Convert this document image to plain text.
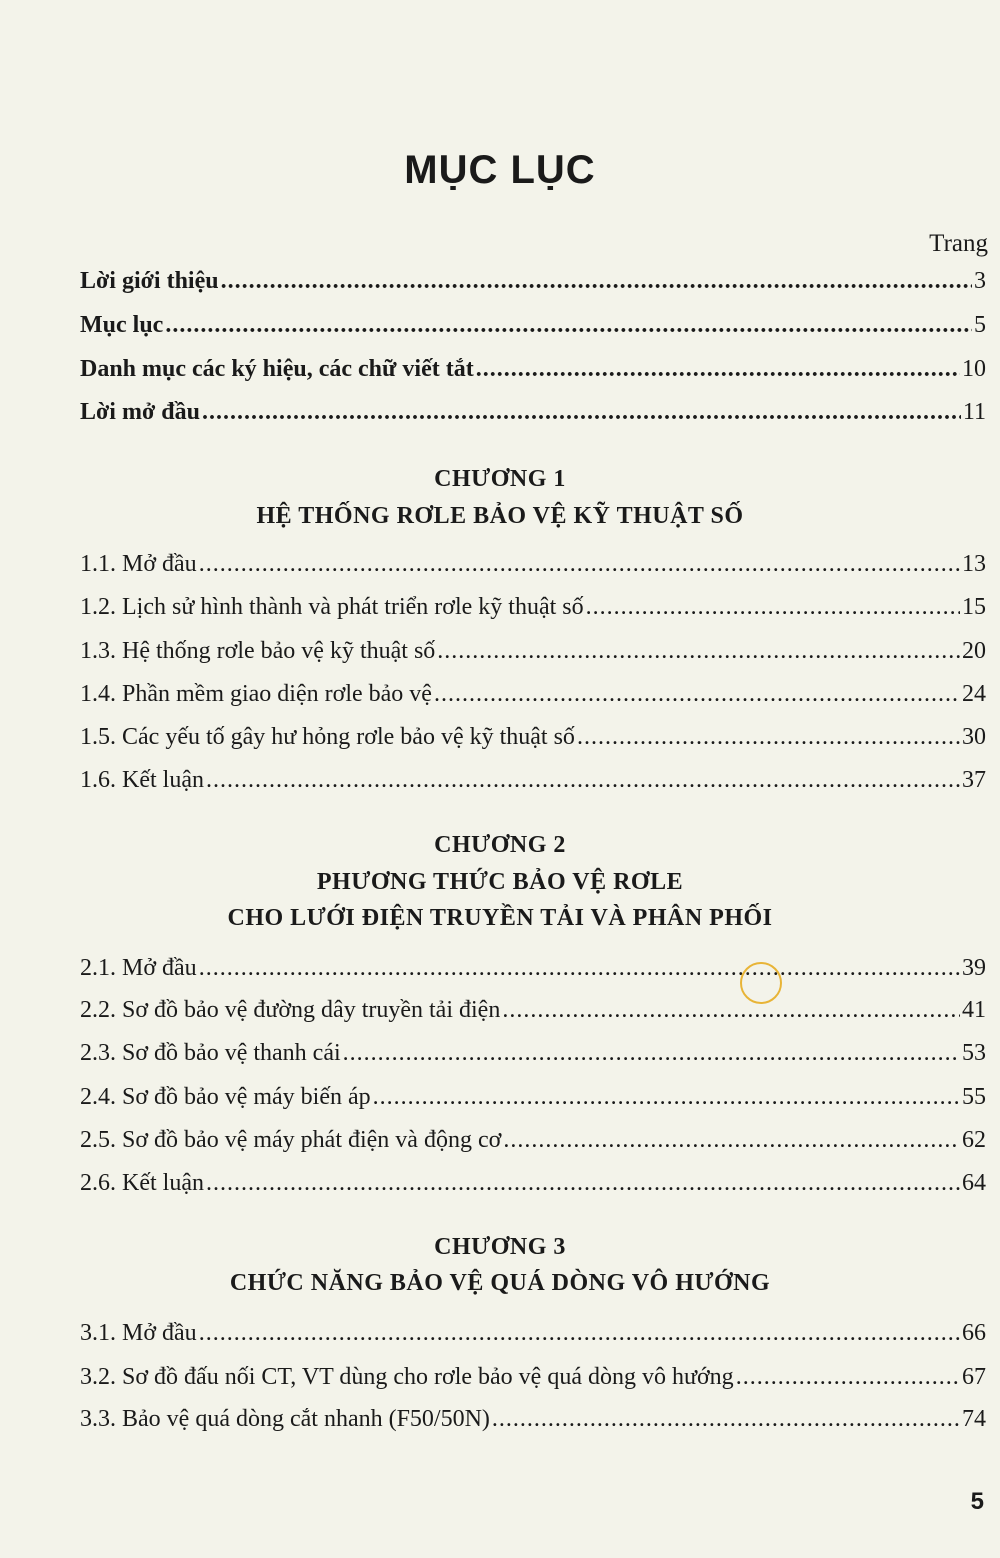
MỤC LỤC
Trang
Lời giới thiệu .....	3
Mục lục .....	5
Danh mục các ký hiệu, các chữ viết tắt .....	10
Lời mở đầu .....	11
CHƯƠNG 1
HỆ THỐNG RƠLE BẢO VỆ KỸ THUẬT SỐ
1.1. Mở đầu .....	13
1.2. Lịch sử hình thành và phát triển rơle kỹ thuật số .....	15
1.3. Hệ thống rơle bảo vệ kỹ thuật số .....	20
1.4. Phần mềm giao diện rơle bảo vệ .....	24
1.5. Các yếu tố gây hư hỏng rơle bảo vệ kỹ thuật số .....	30
1.6. Kết luận .....	37
CHƯƠNG 2
PHƯƠNG THỨC BẢO VỆ RƠLE
CHO LƯỚI ĐIỆN TRUYỀN TẢI VÀ PHÂN PHỐI
2.1. Mở đầu .....	39
2.2. Sơ đồ bảo vệ đường dây truyền tải điện .....	41
2.3. Sơ đồ bảo vệ thanh cái .....	53
2.4. Sơ đồ bảo vệ máy biến áp .....	55
2.5. Sơ đồ bảo vệ máy phát điện và động cơ .....	62
2.6. Kết luận .....	64
CHƯƠNG 3
CHỨC NĂNG BẢO VỆ QUÁ DÒNG VÔ HƯỚNG
3.1. Mở đầu .....	66
3.2. Sơ đồ đấu nối CT, VT dùng cho rơle bảo vệ quá dòng vô hướng .....	67
3.3. Bảo vệ quá dòng cắt nhanh (F50/50N) .....	74
5
